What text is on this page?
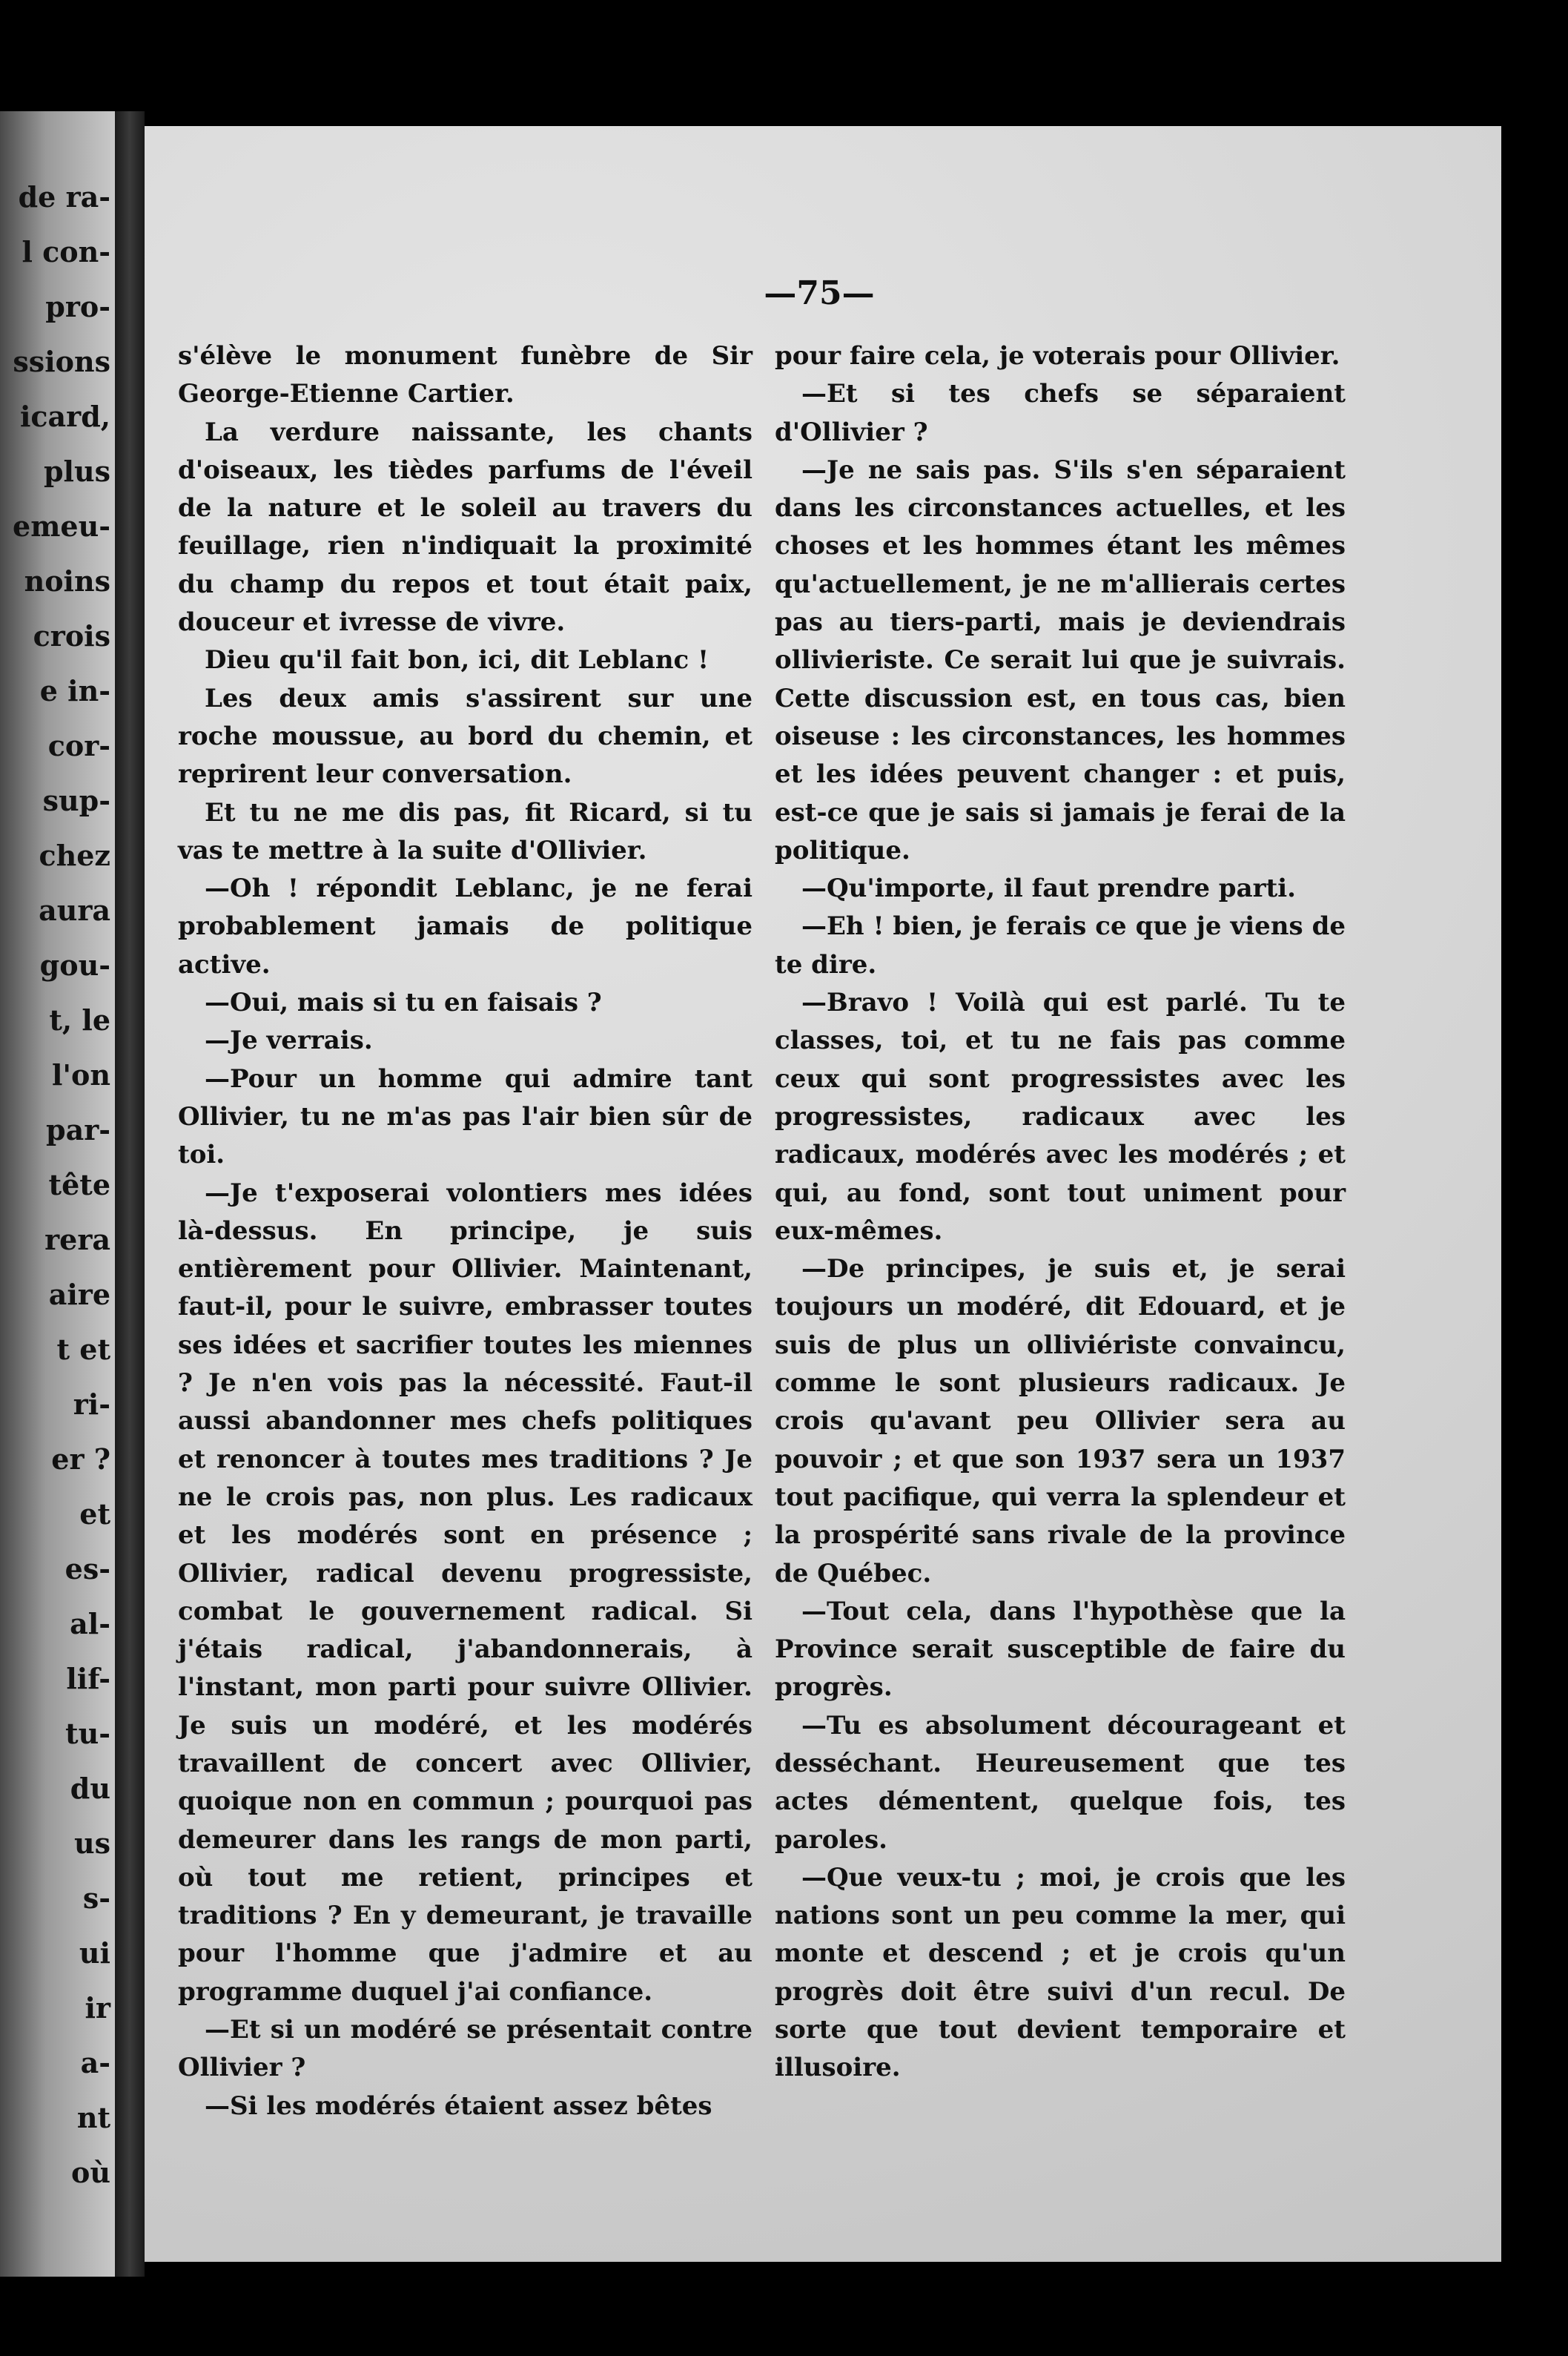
de ra-
l con-
pro-
ssions
icard,
plus
emeu-
noins
crois
e in-
cor-
sup-
chez
aura
gou-
t, le
l'on
par-
tête
rera
aire
t et
ri-
er ?
et
es-
al-
lif-
tu-
du
us
s-
ui
ir
a-
nt
où
—75—

s'élève le monument funèbre de Sir George-Etienne Cartier.

La verdure naissante, les chants d'oiseaux, les tièdes parfums de l'éveil de la nature et le soleil au travers du feuillage, rien n'indiquait la proximité du champ du repos et tout était paix, douceur et ivresse de vivre.

Dieu qu'il fait bon, ici, dit Leblanc !

Les deux amis s'assirent sur une roche moussue, au bord du chemin, et reprirent leur conversation.

Et tu ne me dis pas, fit Ricard, si tu vas te mettre à la suite d'Ollivier.

—Oh ! répondit Leblanc, je ne ferai probablement jamais de politique active.

—Oui, mais si tu en faisais ?

—Je verrais.

—Pour un homme qui admire tant Ollivier, tu ne m'as pas l'air bien sûr de toi.

—Je t'exposerai volontiers mes idées là-dessus. En principe, je suis entièrement pour Ollivier. Maintenant, faut-il, pour le suivre, embrasser toutes ses idées et sacrifier toutes les miennes ? Je n'en vois pas la nécessité. Faut-il aussi abandonner mes chefs politiques et renoncer à toutes mes traditions ? Je ne le crois pas, non plus. Les radicaux et les modérés sont en présence ; Ollivier, radical devenu progressiste, combat le gouvernement radical. Si j'étais radical, j'abandonnerais, à l'instant, mon parti pour suivre Ollivier. Je suis un modéré, et les modérés travaillent de concert avec Ollivier, quoique non en commun ; pourquoi pas demeurer dans les rangs de mon parti, où tout me retient, principes et traditions ? En y demeurant, je travaille pour l'homme que j'admire et au programme duquel j'ai confiance.

—Et si un modéré se présentait contre Ollivier ?

—Si les modérés étaient assez bêtes

pour faire cela, je voterais pour Ollivier.

—Et si tes chefs se séparaient d'Ollivier ?

—Je ne sais pas. S'ils s'en séparaient dans les circonstances actuelles, et les choses et les hommes étant les mêmes qu'actuellement, je ne m'allierais certes pas au tiers-parti, mais je deviendrais ollivieriste. Ce serait lui que je suivrais. Cette discussion est, en tous cas, bien oiseuse : les circonstances, les hommes et les idées peuvent changer : et puis, est-ce que je sais si jamais je ferai de la politique.

—Qu'importe, il faut prendre parti.

—Eh ! bien, je ferais ce que je viens de te dire.

—Bravo ! Voilà qui est parlé. Tu te classes, toi, et tu ne fais pas comme ceux qui sont progressistes avec les progressistes, radicaux avec les radicaux, modérés avec les modérés ; et qui, au fond, sont tout uniment pour eux-mêmes.

—De principes, je suis et, je serai toujours un modéré, dit Edouard, et je suis de plus un olliviériste convaincu, comme le sont plusieurs radicaux. Je crois qu'avant peu Ollivier sera au pouvoir ; et que son 1937 sera un 1937 tout pacifique, qui verra la splendeur et la prospérité sans rivale de la province de Québec.

—Tout cela, dans l'hypothèse que la Province serait susceptible de faire du progrès.

—Tu es absolument décourageant et desséchant. Heureusement que tes actes démentent, quelque fois, tes paroles.

—Que veux-tu ; moi, je crois que les nations sont un peu comme la mer, qui monte et descend ; et je crois qu'un progrès doit être suivi d'un recul. De sorte que tout devient temporaire et illusoire.
